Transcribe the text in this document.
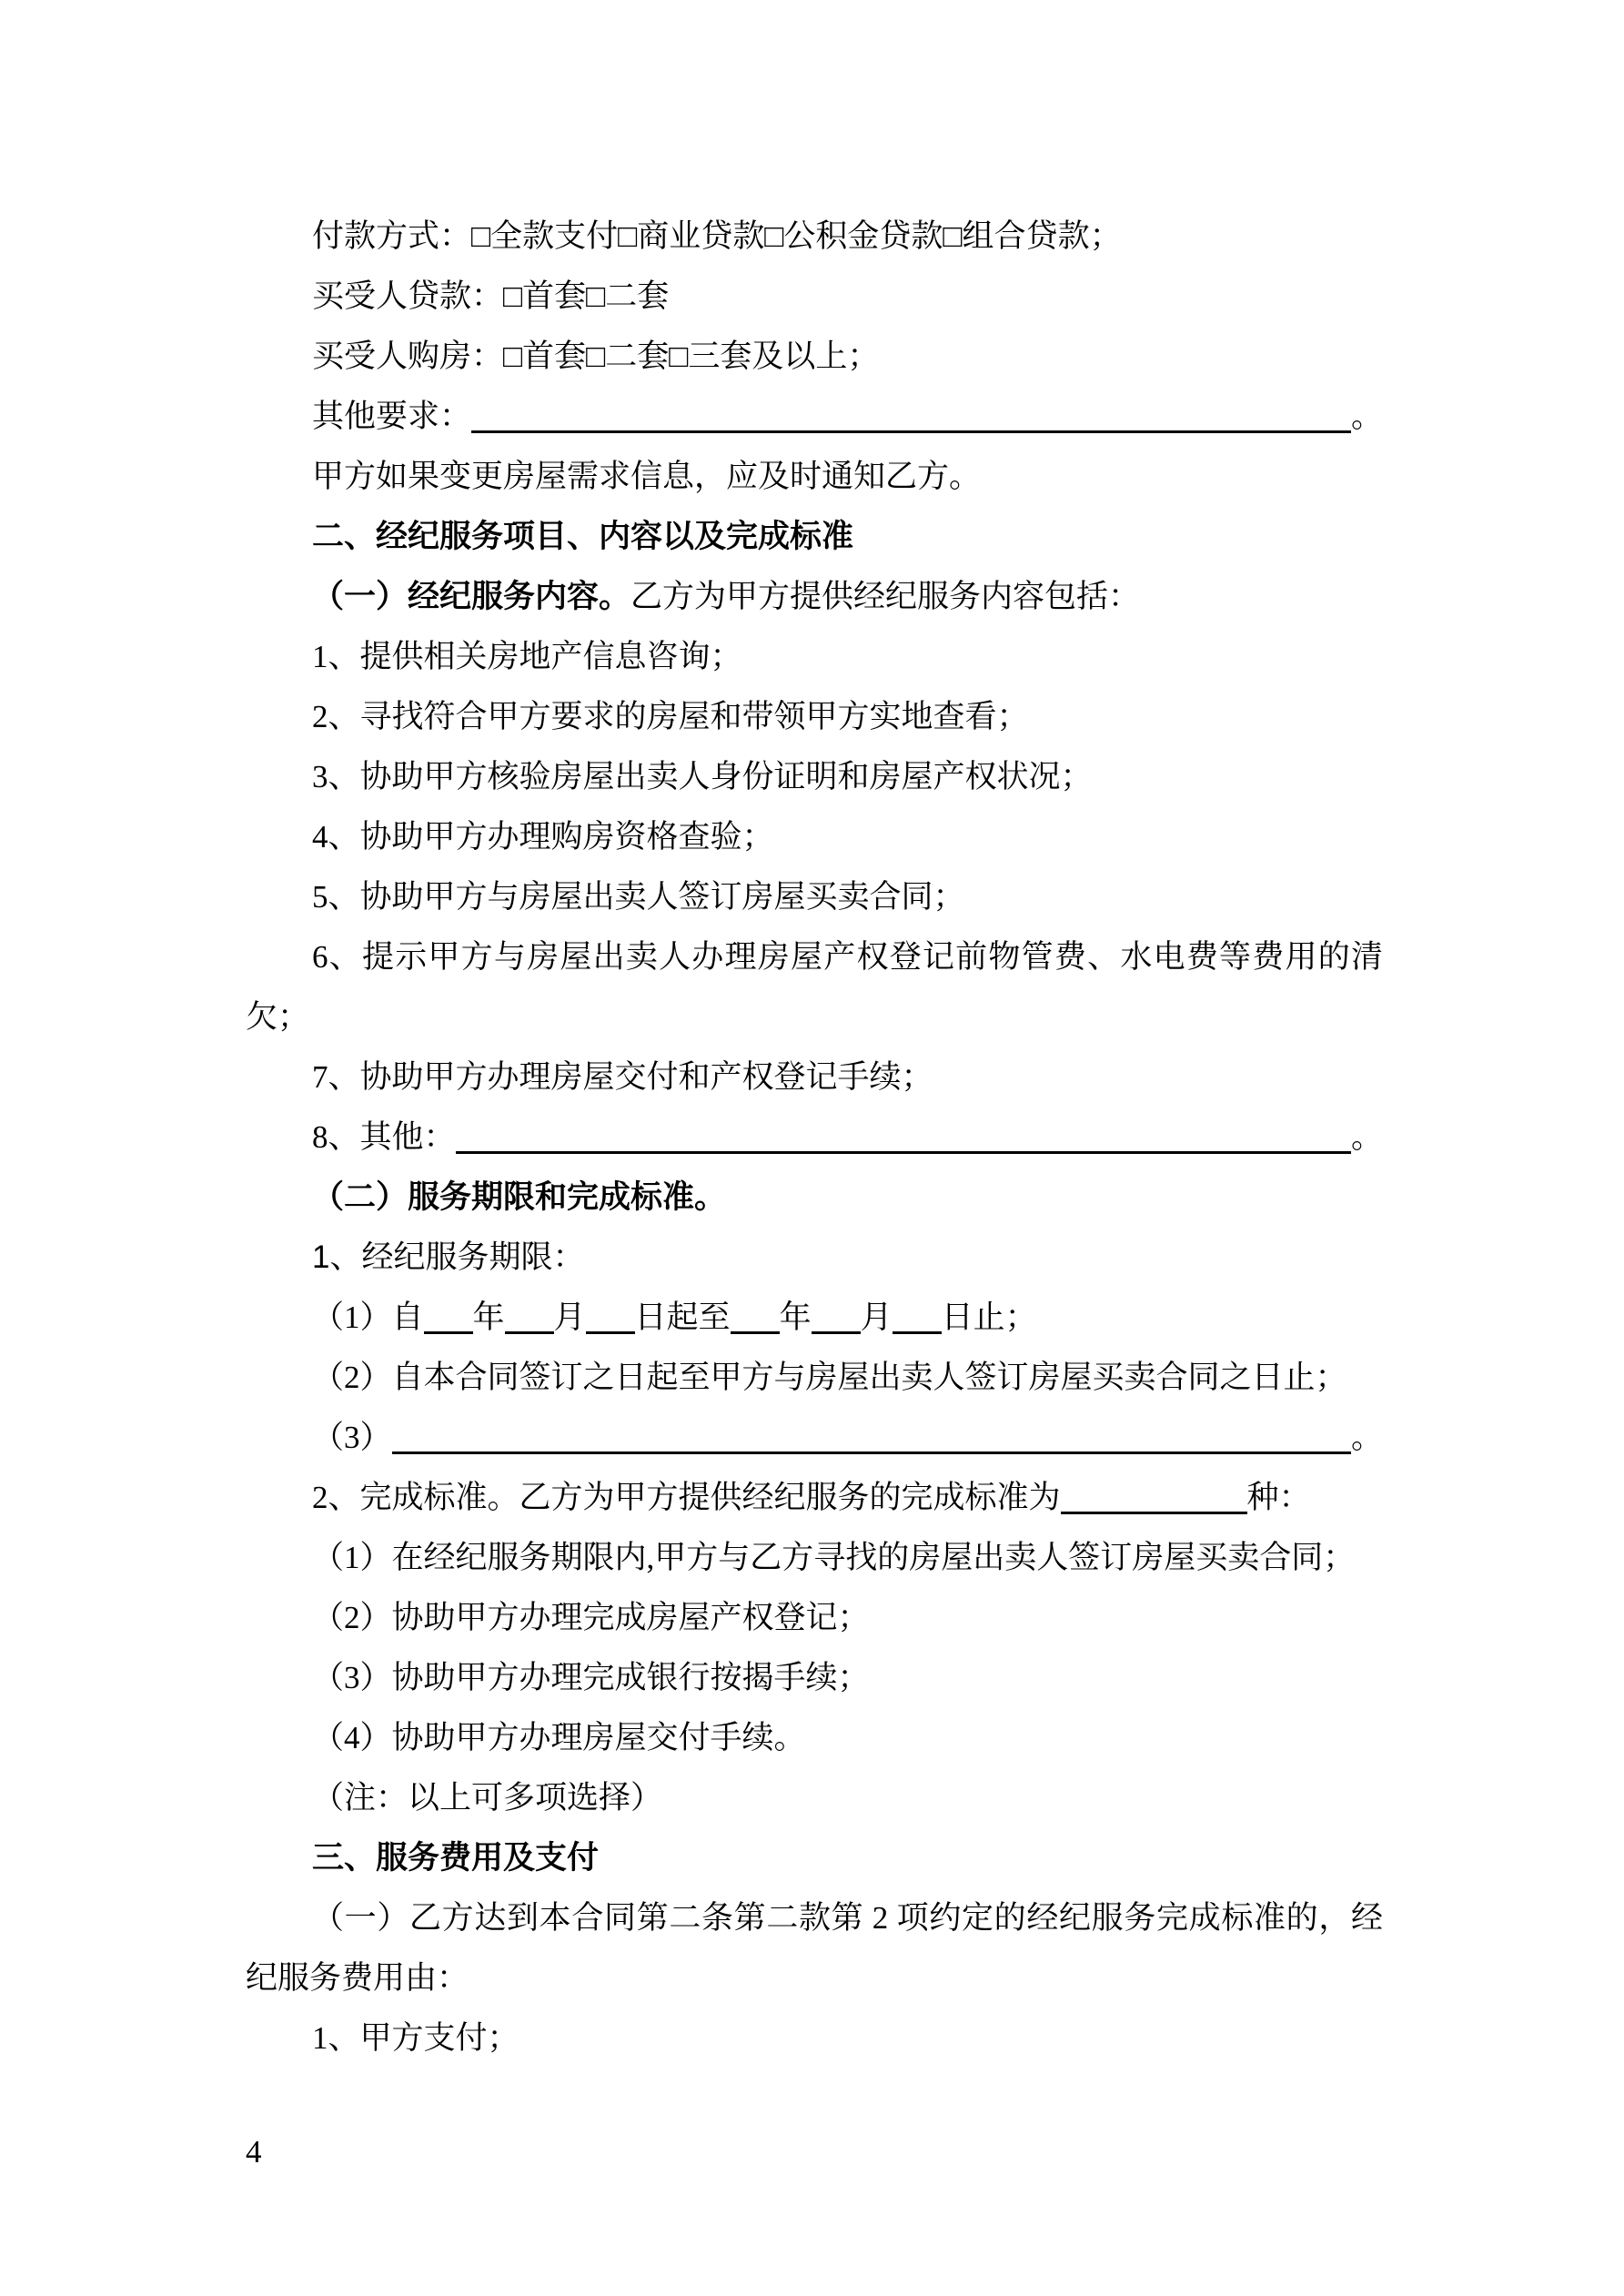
付款方式：□全款支付□商业贷款□公积金贷款□组合贷款；
买受人贷款：□首套□二套
买受人购房：□首套□二套□三套及以上；
其他要求：	。
甲方如果变更房屋需求信息，应及时通知乙方。
二、经纪服务项目、内容以及完成标准
（一）经纪服务内容。乙方为甲方提供经纪服务内容包括：
1、提供相关房地产信息咨询；
2、寻找符合甲方要求的房屋和带领甲方实地查看；
3、协助甲方核验房屋出卖人身份证明和房屋产权状况；
4、协助甲方办理购房资格查验；
5、协助甲方与房屋出卖人签订房屋买卖合同；
6、提示甲方与房屋出卖人办理房屋产权登记前物管费、水电费等费用的清
欠；
7、协助甲方办理房屋交付和产权登记手续；
8、其他：	。
（二）服务期限和完成标准。
1、经纪服务期限：
（1）自 年 月 日起至 年 月 日止；
（2）自本合同签订之日起至甲方与房屋出卖人签订房屋买卖合同之日止；
（3）	。
2、完成标准。乙方为甲方提供经纪服务的完成标准为	种：
（1）在经纪服务期限内,甲方与乙方寻找的房屋出卖人签订房屋买卖合同；
（2）协助甲方办理完成房屋产权登记；
（3）协助甲方办理完成银行按揭手续；
（4）协助甲方办理房屋交付手续。
（注：以上可多项选择）
三、服务费用及支付
（一）乙方达到本合同第二条第二款第 2 项约定的经纪服务完成标准的，经
纪服务费用由：
1、甲方支付；
4
